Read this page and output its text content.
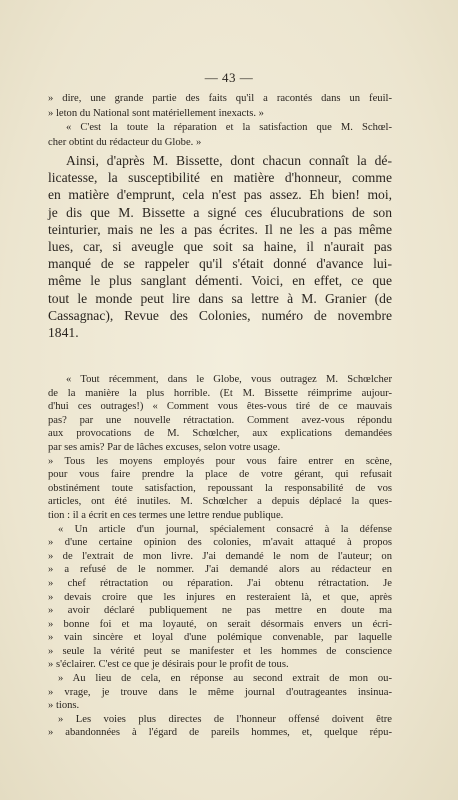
— 43 —
» dire, une grande partie des faits qu'il a racontés dans un feuil-
» leton du National sont matériellement inexacts. »
« C'est la toute la réparation et la satisfaction que M. Schœl-
cher obtint du rédacteur du Globe. »
Ainsi, d'après M. Bissette, dont chacun connaît la dé-
licatesse, la susceptibilité en matière d'honneur, comme
en matière d'emprunt, cela n'est pas assez. Eh bien! moi,
je dis que M. Bissette a signé ces élucubrations de son
teinturier, mais ne les a pas écrites. Il ne les a pas même
lues, car, si aveugle que soit sa haine, il n'aurait pas
manqué de se rappeler qu'il s'était donné d'avance lui-
même le plus sanglant démenti. Voici, en effet, ce que
tout le monde peut lire dans sa lettre à M. Granier (de
Cassagnac), Revue des Colonies, numéro de novembre
1841.
« Tout récemment, dans le Globe, vous outragez M. Schœlcher
de la manière la plus horrible. (Et M. Bissette réimprime aujour-
d'hui ces outrages!) « Comment vous êtes-vous tiré de ce mauvais
pas? par une nouvelle rétractation. Comment avez-vous répondu
aux provocations de M. Schœlcher, aux explications demandées
par ses amis? Par de lâches excuses, selon votre usage.
» Tous les moyens employés pour vous faire entrer en scène,
pour vous faire prendre la place de votre gérant, qui refusait
obstinément toute satisfaction, repoussant la responsabilité de vos
articles, ont été inutiles. M. Schœlcher a depuis déplacé la ques-
tion : il a écrit en ces termes une lettre rendue publique.
« Un article d'un journal, spécialement consacré à la défense
» d'une certaine opinion des colonies, m'avait attaqué à propos
» de l'extrait de mon livre. J'ai demandé le nom de l'auteur; on
» a refusé de le nommer. J'ai demandé alors au rédacteur en
» chef rétractation ou réparation. J'ai obtenu rétractation. Je
» devais croire que les injures en resteraient là, et que, après
» avoir déclaré publiquement ne pas mettre en doute ma
» bonne foi et ma loyauté, on serait désormais envers un écri-
» vain sincère et loyal d'une polémique convenable, par laquelle
» seule la vérité peut se manifester et les hommes de conscience
» s'éclairer. C'est ce que je désirais pour le profit de tous.
» Au lieu de cela, en réponse au second extrait de mon ou-
» vrage, je trouve dans le même journal d'outrageantes insinua-
» tions.
» Les voies plus directes de l'honneur offensé doivent être
» abandonnées à l'égard de pareils hommes, et, quelque répu-
